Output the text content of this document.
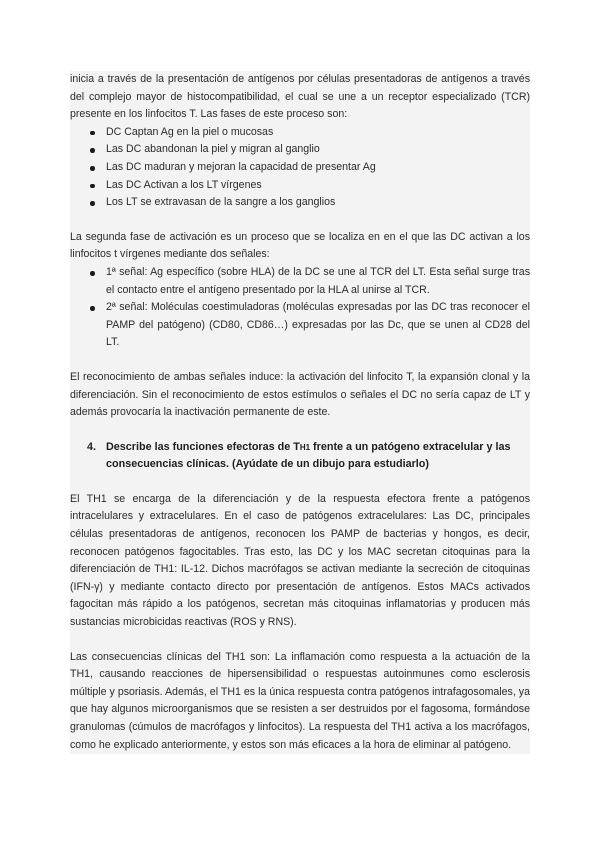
inicia a través de la presentación de antígenos por células presentadoras de antígenos a través del complejo mayor de histocompatibilidad, el cual se une a un receptor especializado (TCR) presente en los linfocitos T. Las fases de este proceso son:

DC Captan Ag en la piel o mucosas
Las DC abandonan la piel y migran al ganglio
Las DC maduran y mejoran la capacidad de presentar Ag
Las DC Activan a los LT vírgenes
Los LT se extravasan de la sangre a los ganglios

La segunda fase de activación es un proceso que se localiza en en el que las DC activan a los linfocitos t vírgenes mediante dos señales:

1ª señal: Ag específico (sobre HLA) de la DC se une al TCR del LT. Esta señal surge tras el contacto entre el antígeno presentado por la HLA al unirse al TCR.
2ª señal: Moléculas coestimuladoras (moléculas expresadas por las DC tras reconocer el PAMP del patógeno) (CD80, CD86…) expresadas por las Dc, que se unen al CD28 del LT.

El reconocimiento de ambas señales induce: la activación del linfocito T, la expansión clonal y la diferenciación. Sin el reconocimiento de estos estímulos o señales el DC no sería capaz de LT y además provocaría la inactivación permanente de este.

4. Describe las funciones efectoras de TH1 frente a un patógeno extracelular y las consecuencias clínicas. (Ayúdate de un dibujo para estudiarlo)

El TH1 se encarga de la diferenciación y de la respuesta efectora frente a patógenos intracelulares y extracelulares. En el caso de patógenos extracelulares: Las DC, principales células presentadoras de antígenos, reconocen los PAMP de bacterias y hongos, es decir, reconocen patógenos fagocitables. Tras esto, las DC y los MAC secretan citoquinas para la diferenciación de TH1: IL-12. Dichos macrófagos se activan mediante la secreción de citoquinas (IFN-γ) y mediante contacto directo por presentación de antígenos. Estos MACs activados fagocitan más rápido a los patógenos, secretan más citoquinas inflamatorias y producen más sustancias microbicidas reactivas (ROS y RNS).

Las consecuencias clínicas del TH1 son: La inflamación como respuesta a la actuación de la TH1, causando reacciones de hipersensibilidad o respuestas autoinmunes como esclerosis múltiple y psoriasis. Además, el TH1 es la única respuesta contra patógenos intrafagosomales, ya que hay algunos microorganismos que se resisten a ser destruidos por el fagosoma, formándose granulomas (cúmulos de macrófagos y linfocitos). La respuesta del TH1 activa a los macrófagos, como he explicado anteriormente, y estos son más eficaces a la hora de eliminar al patógeno.
